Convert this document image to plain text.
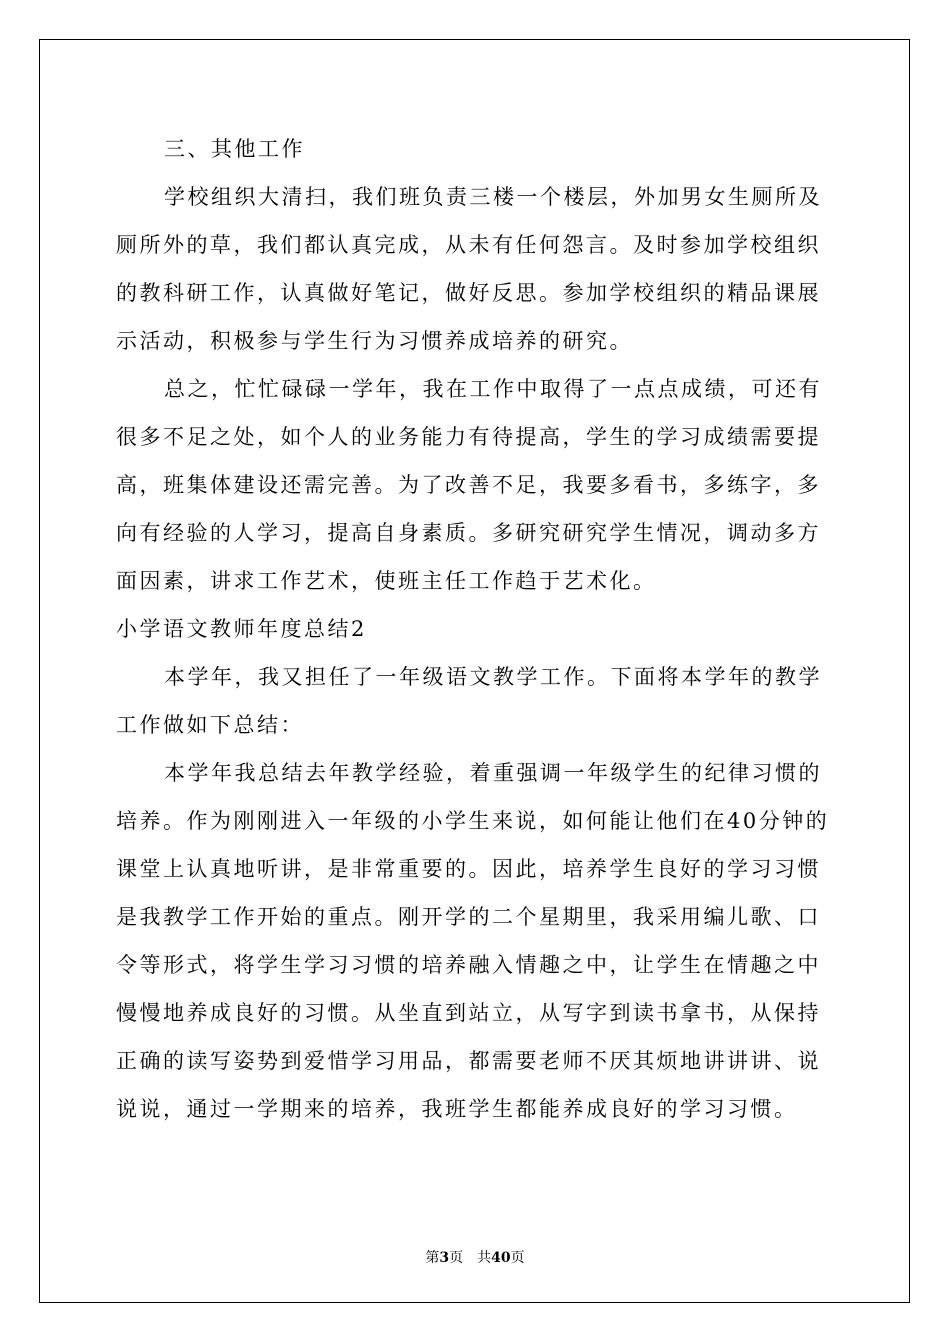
三、其他工作

学校组织大清扫，我们班负责三楼一个楼层，外加男女生厕所及厕所外的草，我们都认真完成，从未有任何怨言。及时参加学校组织的教科研工作，认真做好笔记，做好反思。参加学校组织的精品课展示活动，积极参与学生行为习惯养成培养的研究。

总之，忙忙碌碌一学年，我在工作中取得了一点点成绩，可还有很多不足之处，如个人的业务能力有待提高，学生的学习成绩需要提高，班集体建设还需完善。为了改善不足，我要多看书，多练字，多向有经验的人学习，提高自身素质。多研究研究学生情况，调动多方面因素，讲求工作艺术，使班主任工作趋于艺术化。

小学语文教师年度总结2

本学年，我又担任了一年级语文教学工作。下面将本学年的教学工作做如下总结：

本学年我总结去年教学经验，着重强调一年级学生的纪律习惯的培养。作为刚刚进入一年级的小学生来说，如何能让他们在40分钟的课堂上认真地听讲，是非常重要的。因此，培养学生良好的学习习惯是我教学工作开始的重点。刚开学的二个星期里，我采用编儿歌、口令等形式，将学生学习习惯的培养融入情趣之中，让学生在情趣之中慢慢地养成良好的习惯。从坐直到站立，从写字到读书拿书，从保持正确的读写姿势到爱惜学习用品，都需要老师不厌其烦地讲讲讲、说说说，通过一学期来的培养，我班学生都能养成良好的学习习惯。

第3页 共40页
